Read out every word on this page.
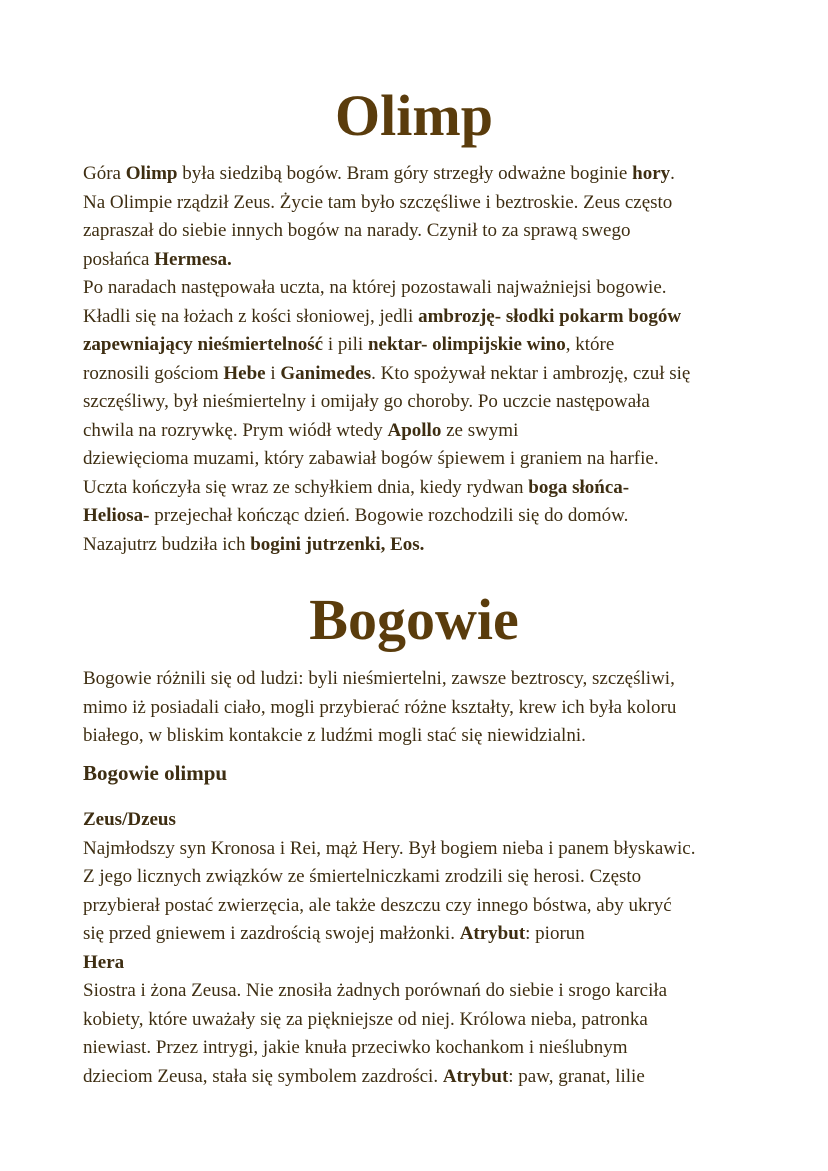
Olimp
Góra Olimp była siedzibą bogów. Bram góry strzegły odważne boginie hory.
Na Olimpie rządził Zeus. Życie tam było szczęśliwe i beztroskie. Zeus często
zapraszał do siebie innych bogów na narady. Czynił to za sprawą swego
posłańca Hermesa.
Po naradach następowała uczta, na której pozostawali najważniejsi bogowie.
Kładli się na łożach z kości słoniowej, jedli ambrozję- słodki pokarm bogów
zapewniający nieśmiertelność i pili nektar- olimpijskie wino, które
roznosili gościom Hebe i Ganimedes. Kto spożywał nektar i ambrozję, czuł się
szczęśliwy, był nieśmiertelny i omijały go choroby. Po uczcie następowała
chwila na rozrywkę. Prym wiódł wtedy Apollo ze swymi
dziewięcioma muzami, który zabawiał bogów śpiewem i graniem na harfie.
Uczta kończyła się wraz ze schyłkiem dnia, kiedy rydwan boga słońca-
Heliosa- przejechał kończąc dzień. Bogowie rozchodzili się do domów.
Nazajutrz budziła ich bogini jutrzenki, Eos.
Bogowie
Bogowie różnili się od ludzi: byli nieśmiertelni, zawsze beztroscy, szczęśliwi,
mimo iż posiadali ciało, mogli przybierać różne kształty, krew ich była koloru
białego, w bliskim kontakcie z ludźmi mogli stać się niewidzialni.
Bogowie olimpu

Zeus/Dzeus

Najmłodszy syn Kronosa i Rei, mąż Hery. Był bogiem nieba i panem błyskawic.
Z jego licznych związków ze śmiertelniczkami zrodzili się herosi. Często
przybierał postać zwierzęcia, ale także deszczu czy innego bóstwa, aby ukryć
się przed gniewem i zazdrością swojej małżonki. Atrybut: piorun

Hera

Siostra i żona Zeusa. Nie znosiła żadnych porównań do siebie i srogo karciła
kobiety, które uważały się za piękniejsze od niej. Królowa nieba, patronka
niewiast. Przez intrygi, jakie knuła przeciwko kochankom i nieślubnym
dzieciom Zeusa, stała się symbolem zazdrości. Atrybut: paw, granat, lilie
